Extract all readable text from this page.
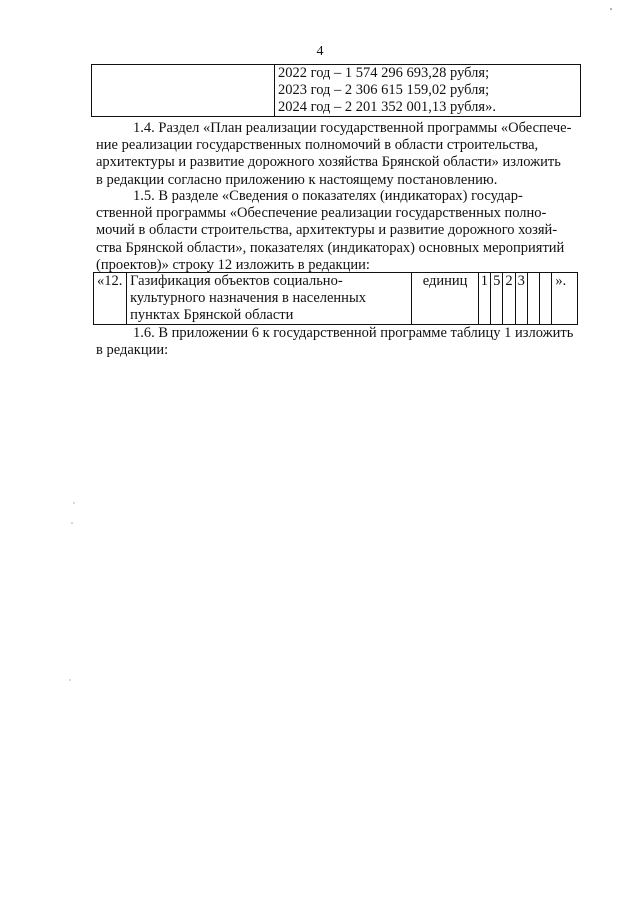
4

2022 год – 1 574 296 693,28 рубля;
2023 год – 2 306 615 159,02 рубля;
2024 год – 2 201 352 001,13 рубля».

1.4. Раздел «План реализации государственной программы «Обеспече-
ние реализации государственных полномочий в области строительства,
архитектуры и развитие дорожного хозяйства Брянской области» изложить
в редакции согласно приложению к настоящему постановлению.

1.5. В разделе «Сведения о показателях (индикаторах) государ-
ственной программы «Обеспечение реализации государственных полно-
мочий в области строительства, архитектуры и развитие дорожного хозяй-
ства Брянской области», показателях (индикаторах) основных мероприятий
(проектов)» строку 12 изложить в редакции:

«12.	Газификация объектов социально-
культурного назначения в населенных
пунктах Брянской области
	единиц	1	5	2	3			».

1.6. В приложении 6 к государственной программе таблицу 1 изложить
в редакции:
